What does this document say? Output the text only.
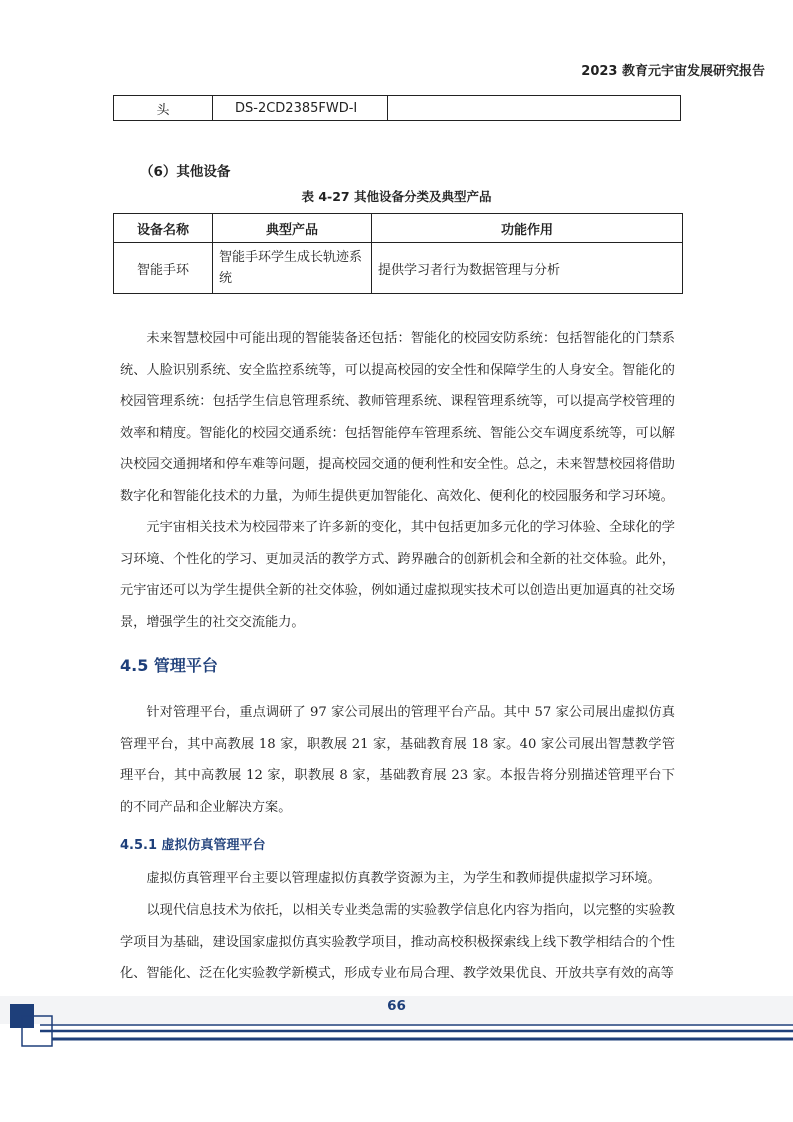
2023 教育元宇宙发展研究报告
头	DS-2CD2385FWD-I	
（6）其他设备
表 4-27 其他设备分类及典型产品
设备名称	典型产品	功能作用
智能手环	智能手环学生成长轨迹系统	提供学习者行为数据管理与分析

未来智慧校园中可能出现的智能装备还包括：智能化的校园安防系统：包括智能化的门禁系统、人脸识别系统、安全监控系统等，可以提高校园的安全性和保障学生的人身安全。智能化的校园管理系统：包括学生信息管理系统、教师管理系统、课程管理系统等，可以提高学校管理的效率和精度。智能化的校园交通系统：包括智能停车管理系统、智能公交车调度系统等，可以解决校园交通拥堵和停车难等问题，提高校园交通的便利性和安全性。总之，未来智慧校园将借助数字化和智能化技术的力量，为师生提供更加智能化、高效化、便利化的校园服务和学习环境。

元宇宙相关技术为校园带来了许多新的变化，其中包括更加多元化的学习体验、全球化的学习环境、个性化的学习、更加灵活的教学方式、跨界融合的创新机会和全新的社交体验。此外，元宇宙还可以为学生提供全新的社交体验，例如通过虚拟现实技术可以创造出更加逼真的社交场景，增强学生的社交交流能力。

4.5 管理平台

针对管理平台，重点调研了 97 家公司展出的管理平台产品。其中 57 家公司展出虚拟仿真管理平台，其中高教展 18 家，职教展 21 家，基础教育展 18 家。40 家公司展出智慧教学管理平台，其中高教展 12 家，职教展 8 家，基础教育展 23 家。本报告将分别描述管理平台下的不同产品和企业解决方案。

4.5.1 虚拟仿真管理平台

虚拟仿真管理平台主要以管理虚拟仿真教学资源为主，为学生和教师提供虚拟学习环境。

以现代信息技术为依托，以相关专业类急需的实验教学信息化内容为指向，以完整的实验教学项目为基础，建设国家虚拟仿真实验教学项目，推动高校积极探索线上线下教学相结合的个性化、智能化、泛在化实验教学新模式，形成专业布局合理、教学效果优良、开放共享有效的高等

66
